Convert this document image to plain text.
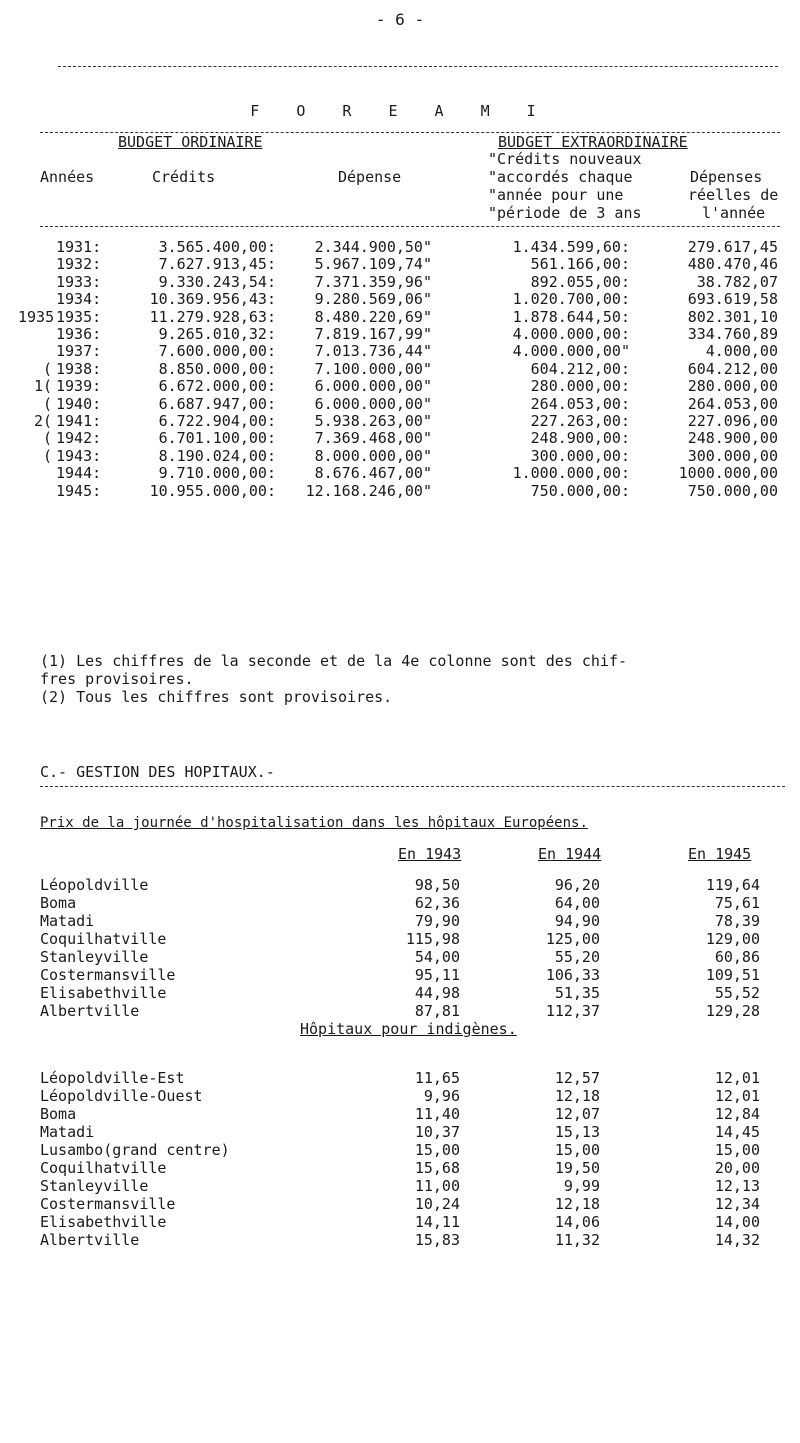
- 6 -
F O R E A M I
BUDGET ORDINAIRE	BUDGET EXTRAORDINAIRE
"Crédits nouveaux
Années	Crédits	Dépense	"accordés chaque	Dépenses
"année pour une	réelles de
"période de 3 ans	l'année
1931:	3.565.400,00:	2.344.900,50"	1.434.599,60:	279.617,45
1932:	7.627.913,45:	5.967.109,74"	561.166,00:	480.470,46
1933:	9.330.243,54:	7.371.359,96"	892.055,00:	38.782,07
1934:	10.369.956,43:	9.280.569,06"	1.020.700,00:	693.619,58
1935 1935:	11.279.928,63:	8.480.220,69"	1.878.644,50:	802.301,10
1936:	9.265.010,32:	7.819.167,99"	4.000.000,00:	334.760,89
1937:	7.600.000,00:	7.013.736,44"	4.000.000,00"	4.000,00
( 1938:	8.850.000,00:	7.100.000,00"	604.212,00:	604.212,00
1( 1939:	6.672.000,00:	6.000.000,00"	280.000,00:	280.000,00
( 1940:	6.687.947,00:	6.000.000,00"	264.053,00:	264.053,00
2( 1941:	6.722.904,00:	5.938.263,00"	227.263,00:	227.096,00
( 1942:	6.701.100,00:	7.369.468,00"	248.900,00:	248.900,00
( 1943:	8.190.024,00:	8.000.000,00"	300.000,00:	300.000,00
1944:	9.710.000,00:	8.676.467,00"	1.000.000,00:	1000.000,00
1945:	10.955.000,00:	12.168.246,00"	750.000,00:	750.000,00
(1) Les chiffres de la seconde et de la 4e colonne sont des chif-
fres provisoires.
(2) Tous les chiffres sont provisoires.
C.- GESTION DES HOPITAUX.-
Prix de la journée d'hospitalisation dans les hôpitaux Européens.
En 1943	En 1944	En 1945
Léopoldville	98,50	96,20	119,64
Boma	62,36	64,00	75,61
Matadi	79,90	94,90	78,39
Coquilhatville	115,98	125,00	129,00
Stanleyville	54,00	55,20	60,86
Costermansville	95,11	106,33	109,51
Elisabethville	44,98	51,35	55,52
Albertville	87,81	112,37	129,28
Hôpitaux pour indigènes.
Léopoldville-Est	11,65	12,57	12,01
Léopoldville-Ouest	9,96	12,18	12,01
Boma	11,40	12,07	12,84
Matadi	10,37	15,13	14,45
Lusambo(grand centre)	15,00	15,00	15,00
Coquilhatville	15,68	19,50	20,00
Stanleyville	11,00	9,99	12,13
Costermansville	10,24	12,18	12,34
Elisabethville	14,11	14,06	14,00
Albertville	15,83	11,32	14,32
